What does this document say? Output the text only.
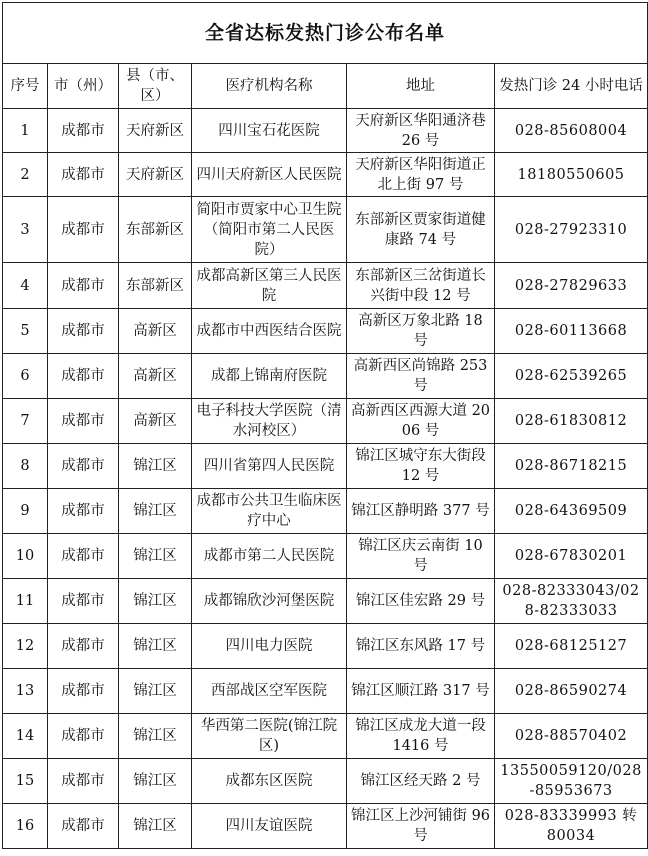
全省达标发热门诊公布名单					
序号	市（州）	县（市、区）	医疗机构名称	地址	发热门诊 24 小时电话
1	成都市	天府新区	四川宝石花医院	天府新区华阳通济巷 26 号	028-85608004
2	成都市	天府新区	四川天府新区人民医院	天府新区华阳街道正北上街 97 号	18180550605
3	成都市	东部新区	简阳市贾家中心卫生院（简阳市第二人民医院）	东部新区贾家街道健康路 74 号	028-27923310
4	成都市	东部新区	成都高新区第三人民医院	东部新区三岔街道长兴街中段 12 号	028-27829633
5	成都市	高新区	成都市中西医结合医院	高新区万象北路 18 号	028-60113668
6	成都市	高新区	成都上锦南府医院	高新西区尚锦路 253 号	028-62539265
7	成都市	高新区	电子科技大学医院（清水河校区）	高新西区西源大道 2006 号	028-61830812
8	成都市	锦江区	四川省第四人民医院	锦江区城守东大街段 12 号	028-86718215
9	成都市	锦江区	成都市公共卫生临床医疗中心	锦江区静明路 377 号	028-64369509
10	成都市	锦江区	成都市第二人民医院	锦江区庆云南街 10 号	028-67830201
11	成都市	锦江区	成都锦欣沙河堡医院	锦江区佳宏路 29 号	028-82333043/028-82333033
12	成都市	锦江区	四川电力医院	锦江区东风路 17 号	028-68125127
13	成都市	锦江区	西部战区空军医院	锦江区顺江路 317 号	028-86590274
14	成都市	锦江区	华西第二医院(锦江院区)	锦江区成龙大道一段 1416 号	028-88570402
15	成都市	锦江区	成都东区医院	锦江区经天路 2 号	13550059120/028-85953673
16	成都市	锦江区	四川友谊医院	锦江区上沙河铺街 96 号	028-83339993 转 80034
